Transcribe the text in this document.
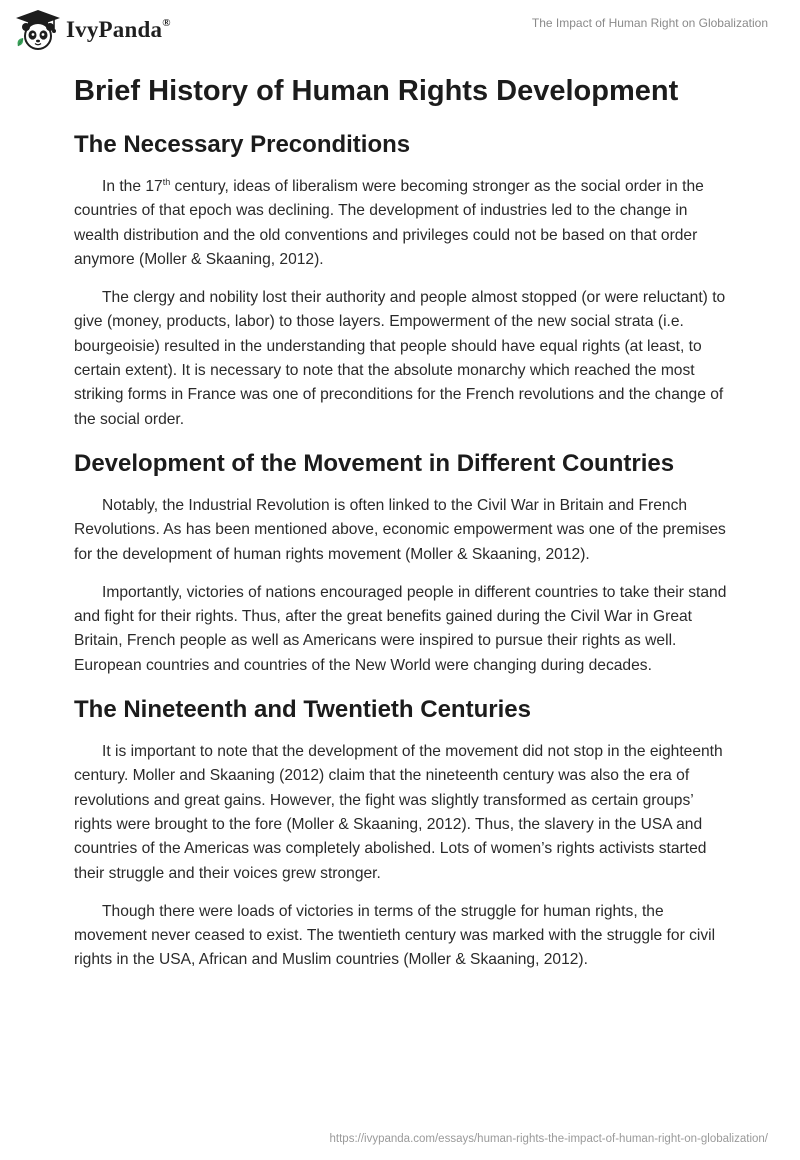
IvyPanda®	The Impact of Human Right on Globalization
Brief History of Human Rights Development
The Necessary Preconditions

In the 17th century, ideas of liberalism were becoming stronger as the social order in the countries of that epoch was declining. The development of industries led to the change in wealth distribution and the old conventions and privileges could not be based on that order anymore (Moller & Skaaning, 2012).

The clergy and nobility lost their authority and people almost stopped (or were reluctant) to give (money, products, labor) to those layers. Empowerment of the new social strata (i.e. bourgeoisie) resulted in the understanding that people should have equal rights (at least, to certain extent). It is necessary to note that the absolute monarchy which reached the most striking forms in France was one of preconditions for the French revolutions and the change of the social order.

Development of the Movement in Different Countries

Notably, the Industrial Revolution is often linked to the Civil War in Britain and French Revolutions. As has been mentioned above, economic empowerment was one of the premises for the development of human rights movement (Moller & Skaaning, 2012).

Importantly, victories of nations encouraged people in different countries to take their stand and fight for their rights. Thus, after the great benefits gained during the Civil War in Great Britain, French people as well as Americans were inspired to pursue their rights as well. European countries and countries of the New World were changing during decades.

The Nineteenth and Twentieth Centuries

It is important to note that the development of the movement did not stop in the eighteenth century. Moller and Skaaning (2012) claim that the nineteenth century was also the era of revolutions and great gains. However, the fight was slightly transformed as certain groups’ rights were brought to the fore (Moller & Skaaning, 2012). Thus, the slavery in the USA and countries of the Americas was completely abolished. Lots of women’s rights activists started their struggle and their voices grew stronger.

Though there were loads of victories in terms of the struggle for human rights, the movement never ceased to exist. The twentieth century was marked with the struggle for civil rights in the USA, African and Muslim countries (Moller & Skaaning, 2012).

https://ivypanda.com/essays/human-rights-the-impact-of-human-right-on-globalization/
